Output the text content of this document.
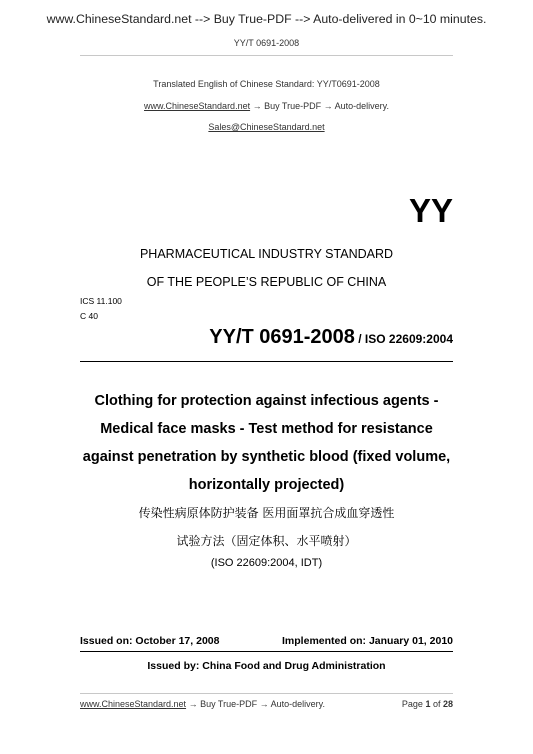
www.ChineseStandard.net --> Buy True-PDF --> Auto-delivered in 0~10 minutes.
YY/T 0691-2008
Translated English of Chinese Standard: YY/T0691-2008
www.ChineseStandard.net → Buy True-PDF → Auto-delivery.
Sales@ChineseStandard.net
YY
PHARMACEUTICAL INDUSTRY STANDARD
OF THE PEOPLE’S REPUBLIC OF CHINA
ICS 11.100
C 40
YY/T 0691-2008 / ISO 22609:2004
Clothing for protection against infectious agents -
Medical face masks - Test method for resistance
against penetration by synthetic blood (fixed volume,
horizontally projected)
传染性病原体防护装备 医用面罩抗合成血穿透性
试验方法（固定体积、水平喷射）
(ISO 22609:2004, IDT)
Issued on: October 17, 2008	Implemented on: January 01, 2010
Issued by: China Food and Drug Administration
www.ChineseStandard.net → Buy True-PDF → Auto-delivery.	Page 1 of 28
